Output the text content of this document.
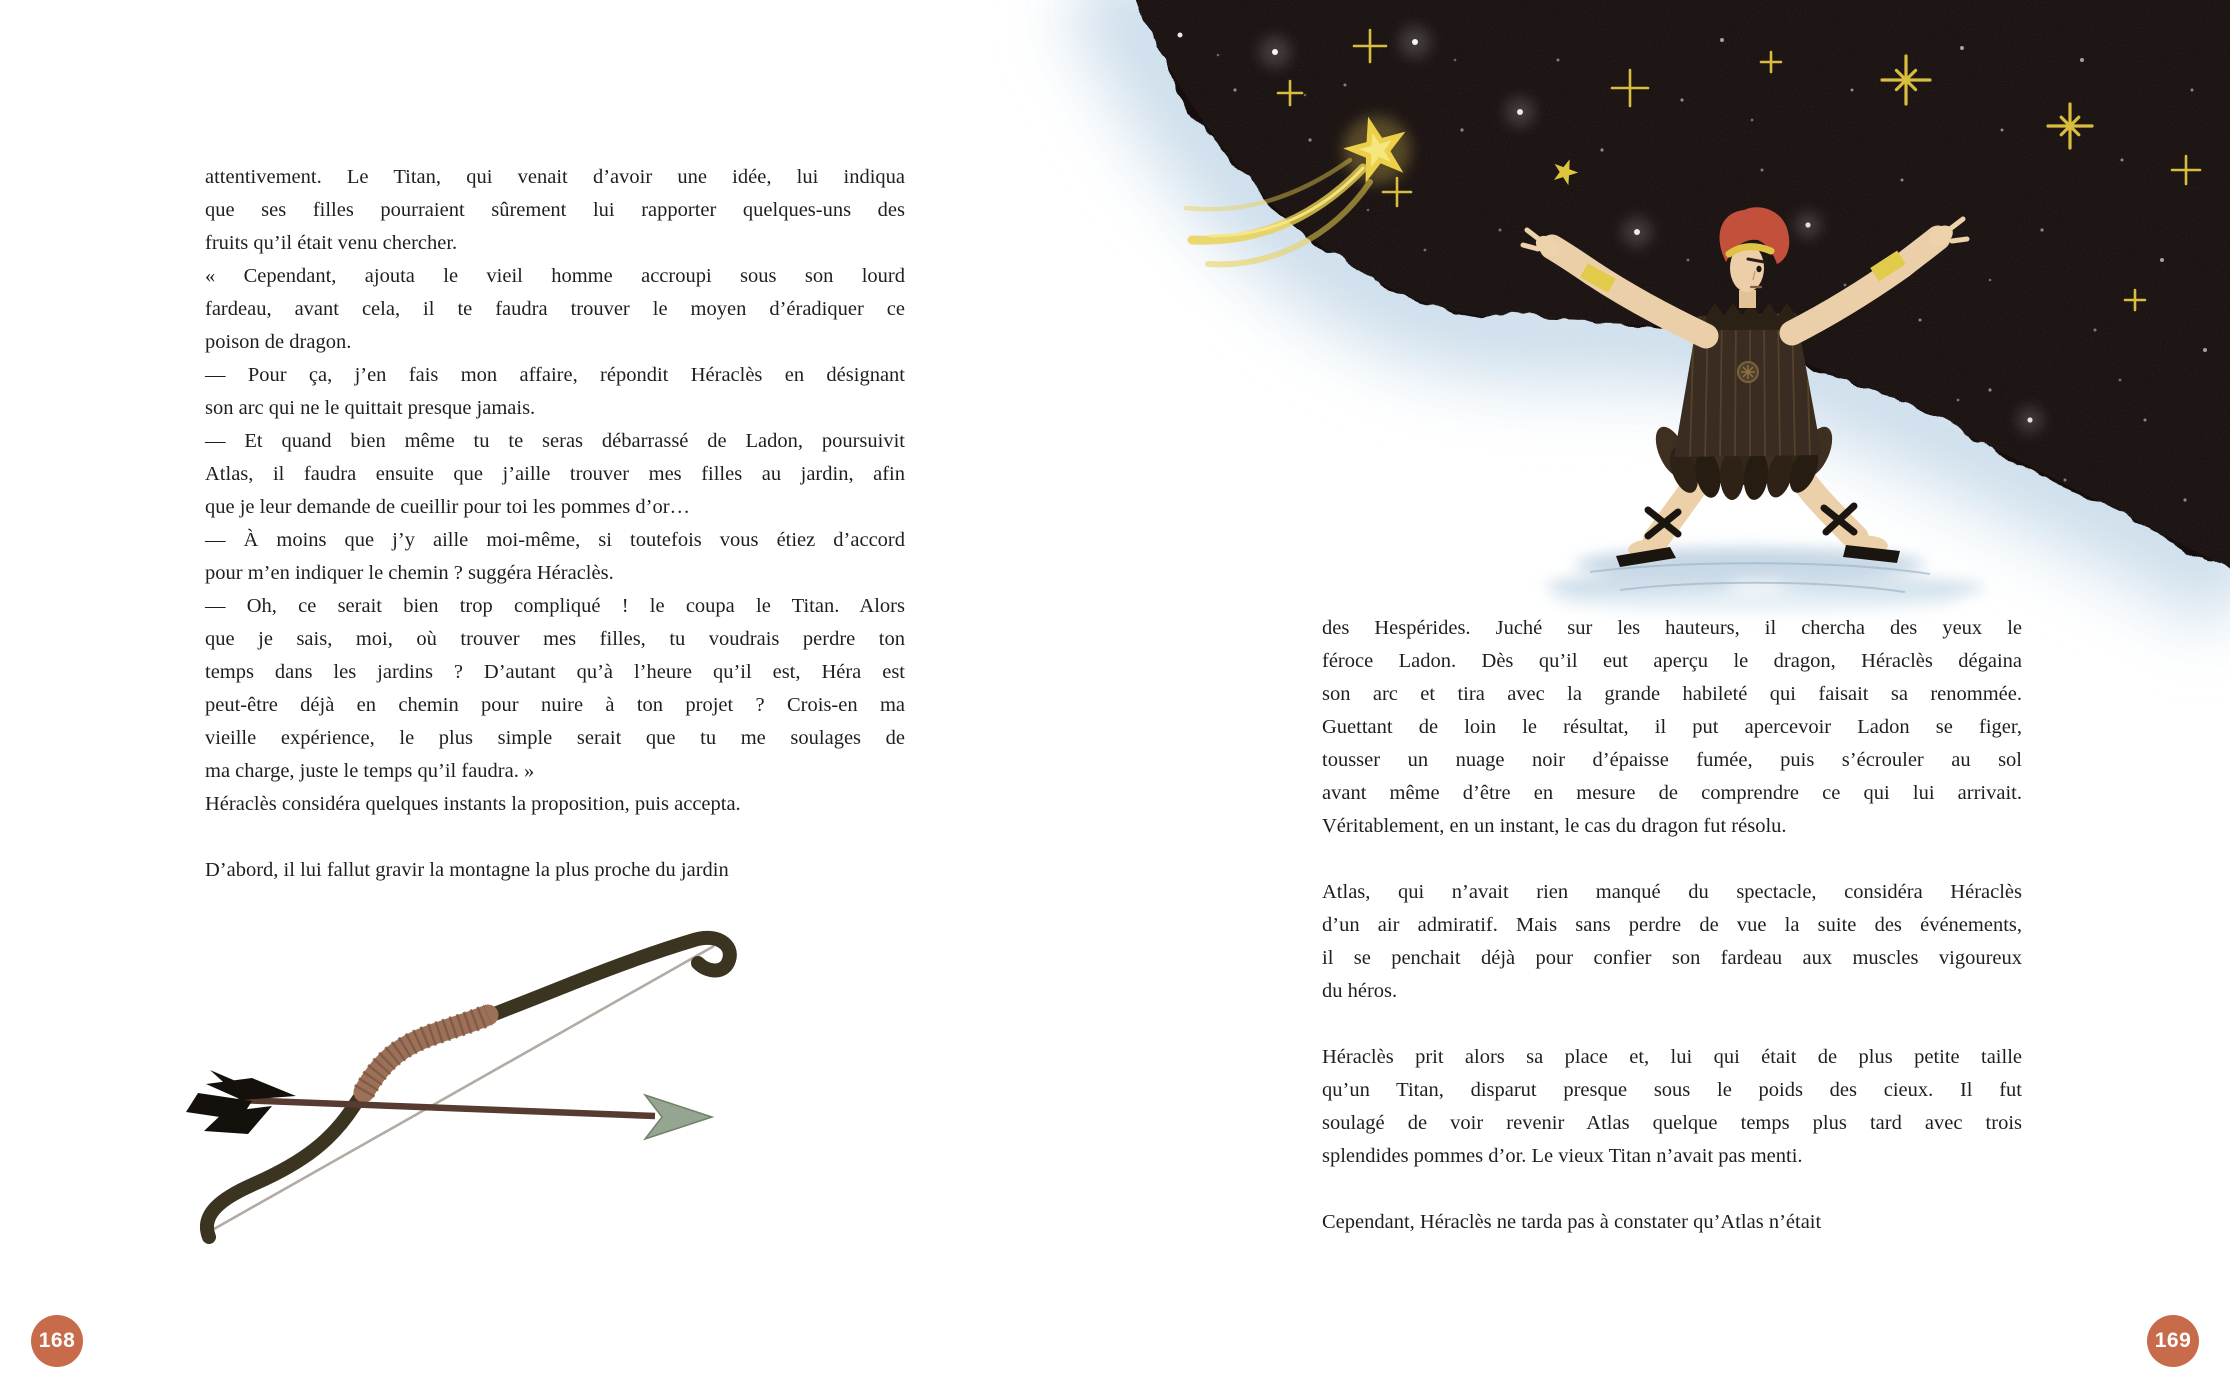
attentivement. Le Titan, qui venait d’avoir une idée, lui indiqua
que ses filles pourraient sûrement lui rapporter quelques-uns des
fruits qu’il était venu chercher.
« Cependant, ajouta le vieil homme accroupi sous son lourd
fardeau, avant cela, il te faudra trouver le moyen d’éradiquer ce
poison de dragon.
— Pour ça, j’en fais mon affaire, répondit Héraclès en désignant
son arc qui ne le quittait presque jamais.
— Et quand bien même tu te seras débarrassé de Ladon, poursuivit
Atlas, il faudra ensuite que j’aille trouver mes filles au jardin, afin
que je leur demande de cueillir pour toi les pommes d’or…
— À moins que j’y aille moi-même, si toutefois vous étiez d’accord
pour m’en indiquer le chemin ? suggéra Héraclès.
— Oh, ce serait bien trop compliqué ! le coupa le Titan. Alors
que je sais, moi, où trouver mes filles, tu voudrais perdre ton
temps dans les jardins ? D’autant qu’à l’heure qu’il est, Héra est
peut-être déjà en chemin pour nuire à ton projet ? Crois-en ma
vieille expérience, le plus simple serait que tu me soulages de
ma charge, juste le temps qu’il faudra. »
Héraclès considéra quelques instants la proposition, puis accepta.

D’abord, il lui fallut gravir la montagne la plus proche du jardin
des Hespérides. Juché sur les hauteurs, il chercha des yeux le
féroce Ladon. Dès qu’il eut aperçu le dragon, Héraclès dégaina
son arc et tira avec la grande habileté qui faisait sa renommée.
Guettant de loin le résultat, il put apercevoir Ladon se figer,
tousser un nuage noir d’épaisse fumée, puis s’écrouler au sol
avant même d’être en mesure de comprendre ce qui lui arrivait.
Véritablement, en un instant, le cas du dragon fut résolu.

Atlas, qui n’avait rien manqué du spectacle, considéra Héraclès
d’un air admiratif. Mais sans perdre de vue la suite des événements,
il se penchait déjà pour confier son fardeau aux muscles vigoureux
du héros.

Héraclès prit alors sa place et, lui qui était de plus petite taille
qu’un Titan, disparut presque sous le poids des cieux. Il fut
soulagé de voir revenir Atlas quelque temps plus tard avec trois
splendides pommes d’or. Le vieux Titan n’avait pas menti.

Cependant, Héraclès ne tarda pas à constater qu’Atlas n’était
168	169
